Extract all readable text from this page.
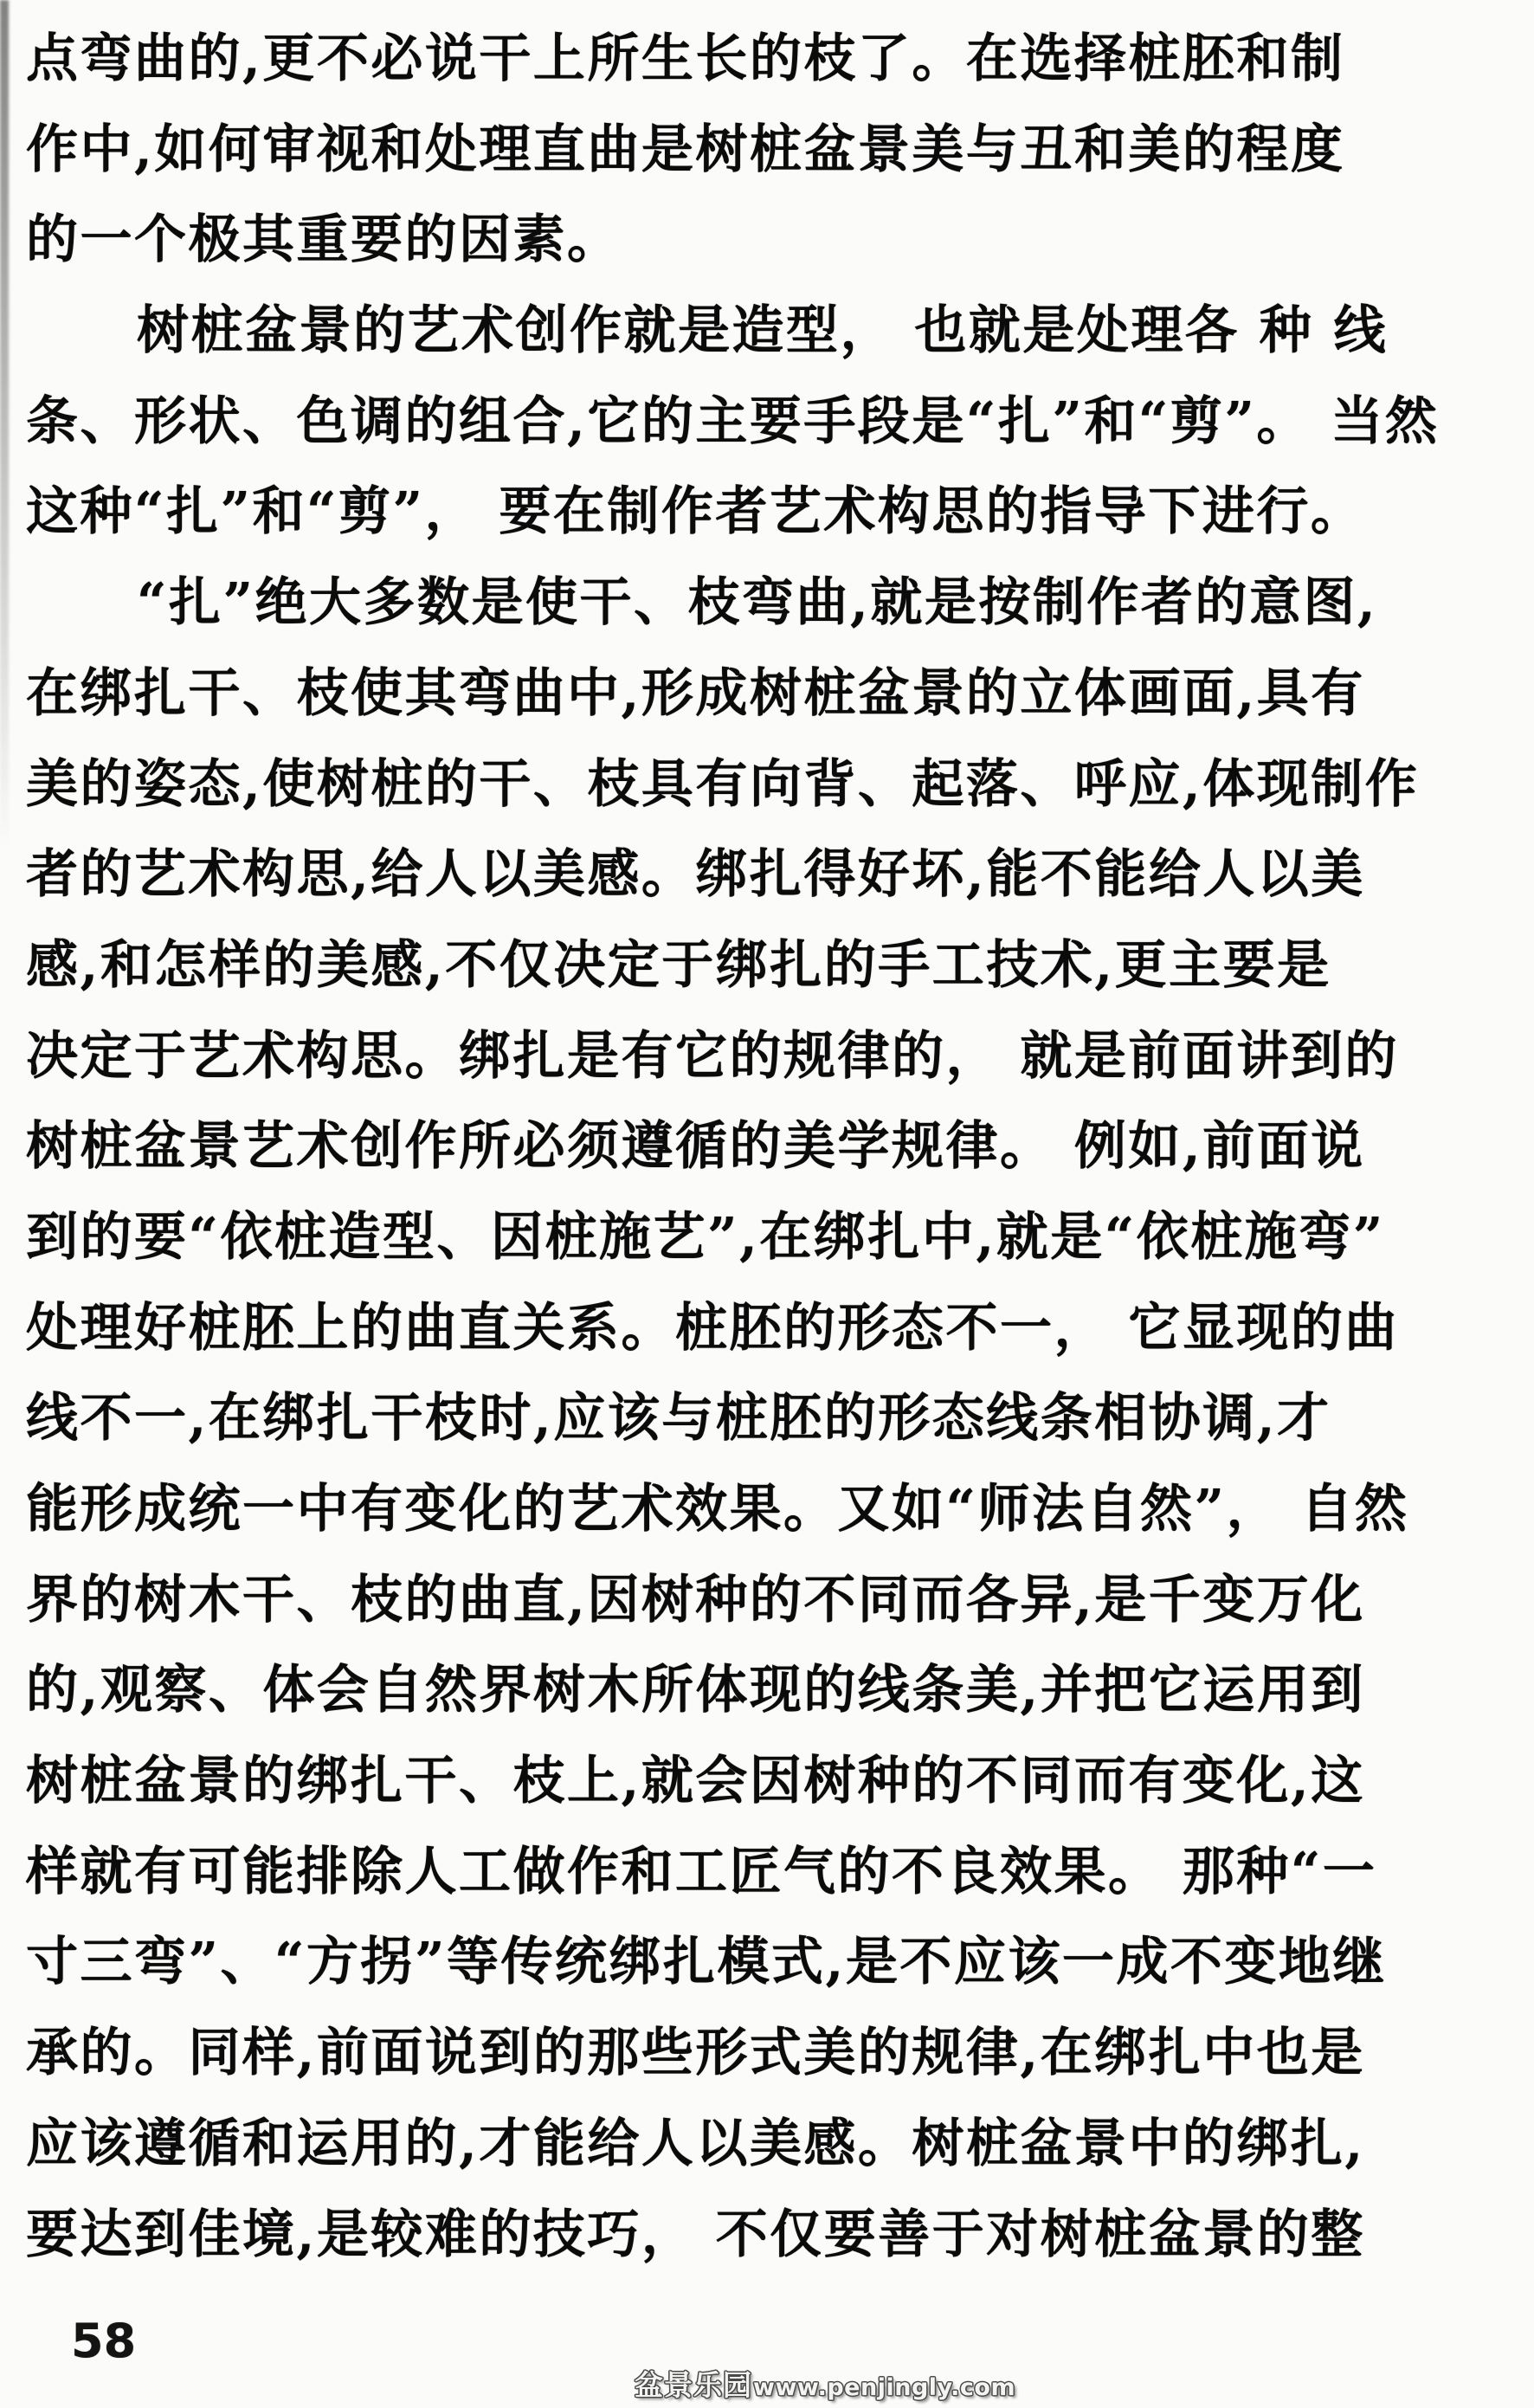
点弯曲的,更不必说干上所生长的枝了。在选择桩胚和制
作中,如何审视和处理直曲是树桩盆景美与丑和美的程度
的一个极其重要的因素。
树桩盆景的艺术创作就是造型， 也就是处理各 种 线
条、形状、色调的组合,它的主要手段是“扎”和“剪”。 当然
这种“扎”和“剪”， 要在制作者艺术构思的指导下进行。
“扎”绝大多数是使干、枝弯曲,就是按制作者的意图,
在绑扎干、枝使其弯曲中,形成树桩盆景的立体画面,具有
美的姿态,使树桩的干、枝具有向背、起落、呼应,体现制作
者的艺术构思,给人以美感。绑扎得好坏,能不能给人以美
感,和怎样的美感,不仅决定于绑扎的手工技术,更主要是
决定于艺术构思。绑扎是有它的规律的， 就是前面讲到的
树桩盆景艺术创作所必须遵循的美学规律。 例如,前面说
到的要“依桩造型、因桩施艺”,在绑扎中,就是“依桩施弯”
处理好桩胚上的曲直关系。桩胚的形态不一， 它显现的曲
线不一,在绑扎干枝时,应该与桩胚的形态线条相协调,才
能形成统一中有变化的艺术效果。又如“师法自然”， 自然
界的树木干、枝的曲直,因树种的不同而各异,是千变万化
的,观察、体会自然界树木所体现的线条美,并把它运用到
树桩盆景的绑扎干、枝上,就会因树种的不同而有变化,这
样就有可能排除人工做作和工匠气的不良效果。 那种“一
寸三弯”、“方拐”等传统绑扎模式,是不应该一成不变地继
承的。同样,前面说到的那些形式美的规律,在绑扎中也是
应该遵循和运用的,才能给人以美感。树桩盆景中的绑扎,
要达到佳境,是较难的技巧， 不仅要善于对树桩盆景的整
58
盆景乐园 www.penjingly.com
